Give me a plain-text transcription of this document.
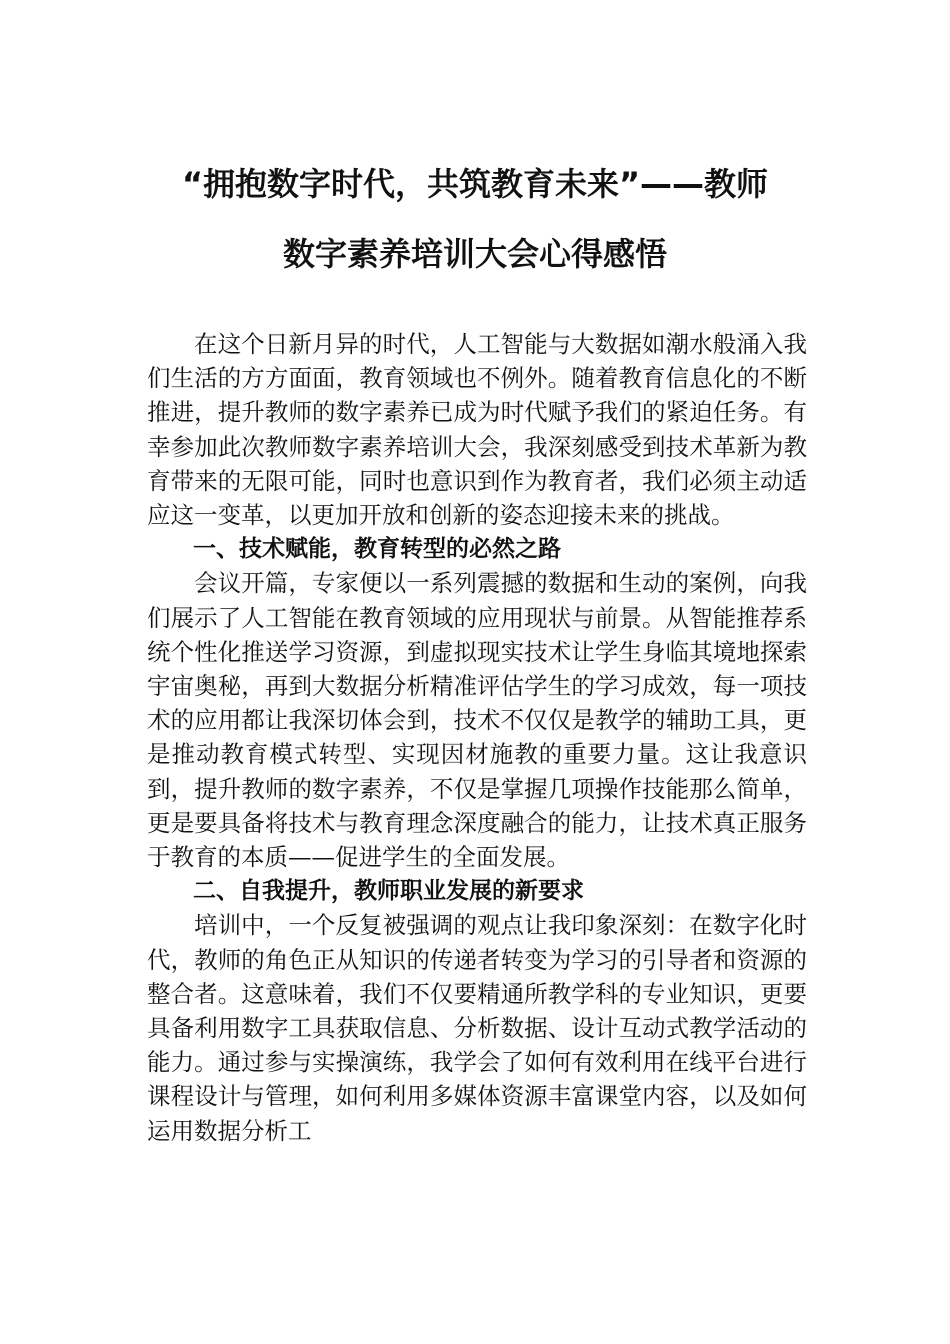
“拥抱数字时代，共筑教育未来”——教师
数字素养培训大会心得感悟

在这个日新月异的时代，人工智能与大数据如潮水般涌入我们生活的方方面面，教育领域也不例外。随着教育信息化的不断推进，提升教师的数字素养已成为时代赋予我们的紧迫任务。有幸参加此次教师数字素养培训大会，我深刻感受到技术革新为教育带来的无限可能，同时也意识到作为教育者，我们必须主动适应这一变革，以更加开放和创新的姿态迎接未来的挑战。

一、技术赋能，教育转型的必然之路

会议开篇，专家便以一系列震撼的数据和生动的案例，向我们展示了人工智能在教育领域的应用现状与前景。从智能推荐系统个性化推送学习资源，到虚拟现实技术让学生身临其境地探索宇宙奥秘，再到大数据分析精准评估学生的学习成效，每一项技术的应用都让我深切体会到，技术不仅仅是教学的辅助工具，更是推动教育模式转型、实现因材施教的重要力量。这让我意识到，提升教师的数字素养，不仅是掌握几项操作技能那么简单，更是要具备将技术与教育理念深度融合的能力，让技术真正服务于教育的本质——促进学生的全面发展。

二、自我提升，教师职业发展的新要求

培训中，一个反复被强调的观点让我印象深刻：在数字化时代，教师的角色正从知识的传递者转变为学习的引导者和资源的整合者。这意味着，我们不仅要精通所教学科的专业知识，更要具备利用数字工具获取信息、分析数据、设计互动式教学活动的能力。通过参与实操演练，我学会了如何有效利用在线平台进行课程设计与管理，如何利用多媒体资源丰富课堂内容，以及如何运用数据分析工
